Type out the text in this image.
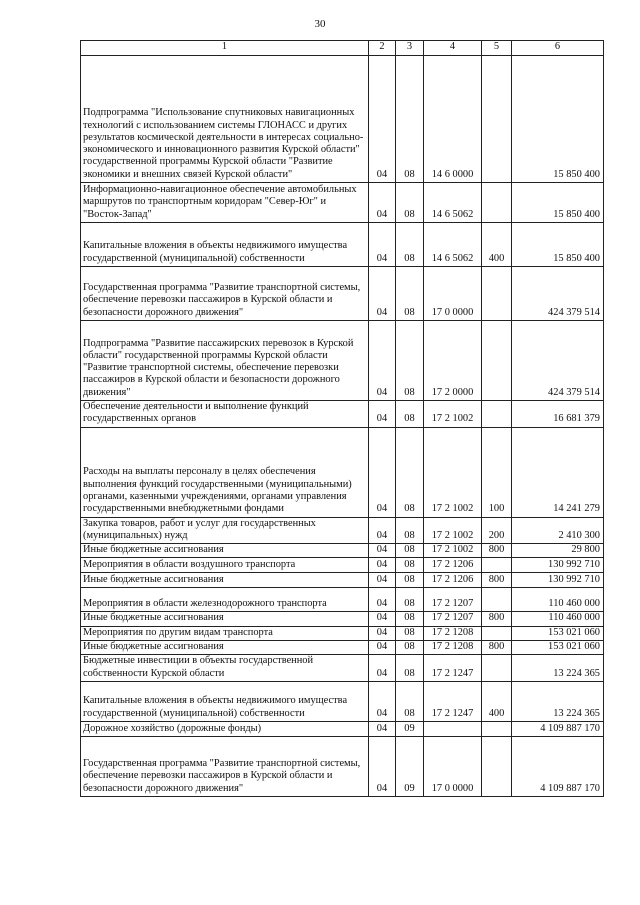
30
1	2	3	4	5	6
Подпрограмма "Использование спутниковых навигационных технологий с использованием системы ГЛОНАСС и других результатов космической деятельности в интересах социально-экономического и инновационного развития Курской области" государственной программы Курской области "Развитие экономики и внешних связей Курской области"	04	08	14 6 0000		15 850 400
Информационно-навигационное обеспечение автомобильных маршрутов по транспортным коридорам "Север-Юг" и "Восток-Запад"	04	08	14 6 5062		15 850 400
Капитальные вложения в объекты недвижимого имущества государственной (муниципальной) собственности	04	08	14 6 5062	400	15 850 400
Государственная программа "Развитие транспортной системы, обеспечение перевозки пассажиров в Курской области и безопасности дорожного движения"	04	08	17 0 0000		424 379 514
Подпрограмма "Развитие пассажирских перевозок в Курской области" государственной программы Курской области "Развитие транспортной системы, обеспечение перевозки пассажиров в Курской области и безопасности дорожного движения"	04	08	17 2 0000		424 379 514
Обеспечение деятельности и выполнение функций государственных органов	04	08	17 2 1002		16 681 379
Расходы на выплаты персоналу в целях обеспечения выполнения функций государственными (муниципальными) органами, казенными учреждениями, органами управления государственными внебюджетными фондами	04	08	17 2 1002	100	14 241 279
Закупка товаров, работ и услуг для государственных (муниципальных) нужд	04	08	17 2 1002	200	2 410 300
Иные бюджетные ассигнования	04	08	17 2 1002	800	29 800
Мероприятия в области воздушного транспорта	04	08	17 2 1206		130 992 710
Иные бюджетные ассигнования	04	08	17 2 1206	800	130 992 710
Мероприятия в области железнодорожного транспорта	04	08	17 2 1207		110 460 000
Иные бюджетные ассигнования	04	08	17 2 1207	800	110 460 000
Мероприятия по другим видам транспорта	04	08	17 2 1208		153 021 060
Иные бюджетные ассигнования	04	08	17 2 1208	800	153 021 060
Бюджетные инвестиции в объекты государственной собственности Курской области	04	08	17 2 1247		13 224 365
Капитальные вложения в объекты недвижимого имущества государственной (муниципальной) собственности	04	08	17 2 1247	400	13 224 365
Дорожное хозяйство (дорожные фонды)	04	09			4 109 887 170
Государственная программа "Развитие транспортной системы, обеспечение перевозки пассажиров в Курской области и безопасности дорожного движения"	04	09	17 0 0000		4 109 887 170
